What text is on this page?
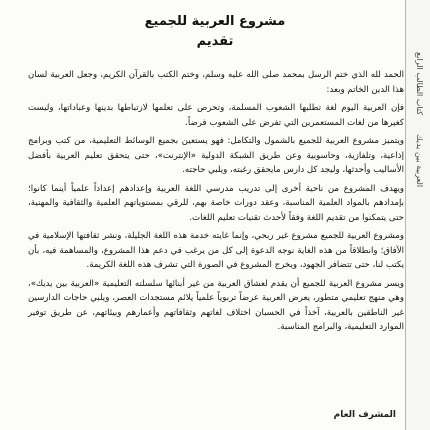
العربية بين يديك كتاب الطالب الرابع
مشروع العربية للجميع
تقديم

الحمد لله الذي ختم الرسل بمحمد صلى الله عليه وسلم، وختم الكتب بالقرآن الكريم، وجعل العربية لسان هذا الدين الخاتم وبعد:

فإن العربية اليوم لغة تطلبها الشعوب المسلمة، وتحرص على تعلمها لارتباطها بدينها وعباداتها، وليست كغيرها من لغات المستعمرين التي تفرض على الشعوب فرضاً.

ويتميز مشروع العربية للجميع بالشمول والتكامل: فهو يستعين بجميع الوسائط التعليمية، من كتب وبرامج إذاعية، وتلفازية، وحاسوبية وعن طريق الشبكة الدولية «الإنترنت»، حتى يتحقق تعليم العربية بأفضل الأساليب وأحدثها، وليجد كل دارس مايحقق رغبته، ويلبي حاجته.

ويهدف المشروع من ناحية أخرى إلى تدريب مدرسي اللغة العربية وإعدادهم إعداداً علمياً أينما كانوا؛ بإمدادهم بالمواد العلمية المناسبة، وعقد دورات خاصة بهم، للرقي بمستوياتهم العلمية والثقافية والمهنية، حتى يتمكنوا من تقديم اللغة وفقاً لأحدث تقنيات تعليم اللغات.

ومشروع العربية للجميع مشروع غير ربحي، وإنما غايته خدمة هذه اللغة الجليلة، ونشر ثقافتها الإسلامية في الآفاق؛ وانطلاقاً من هذه الغاية نوجه الدعوة إلى كل من يرغب في دعم هذا المشروع، والمساهمة فيه، بأن يكتب لنا، حتى تتضافر الجهود، ويخرج المشروع في الصورة التي تشرف هذه اللغة الكريمة.

ويسر مشروع العربية للجميع أن يقدم لعشاق العربية من غير أبنائها سلسلته التعليمية «العربية بين يديك»، وهي منهج تعليمي متطور، يعرض العربية عرضاً تربوياً علمياً يلائم مستجدات العصر، ويلبي حاجات الدارسين غير الناطقين بالعربية، آخذاً في الحسبان اختلاف لغاتهم وثقافاتهم وأعمارهم وبيئاتهم، عن طريق توفير الموارد التعليمية، والبرامج المناسبة.

المشرف العام
